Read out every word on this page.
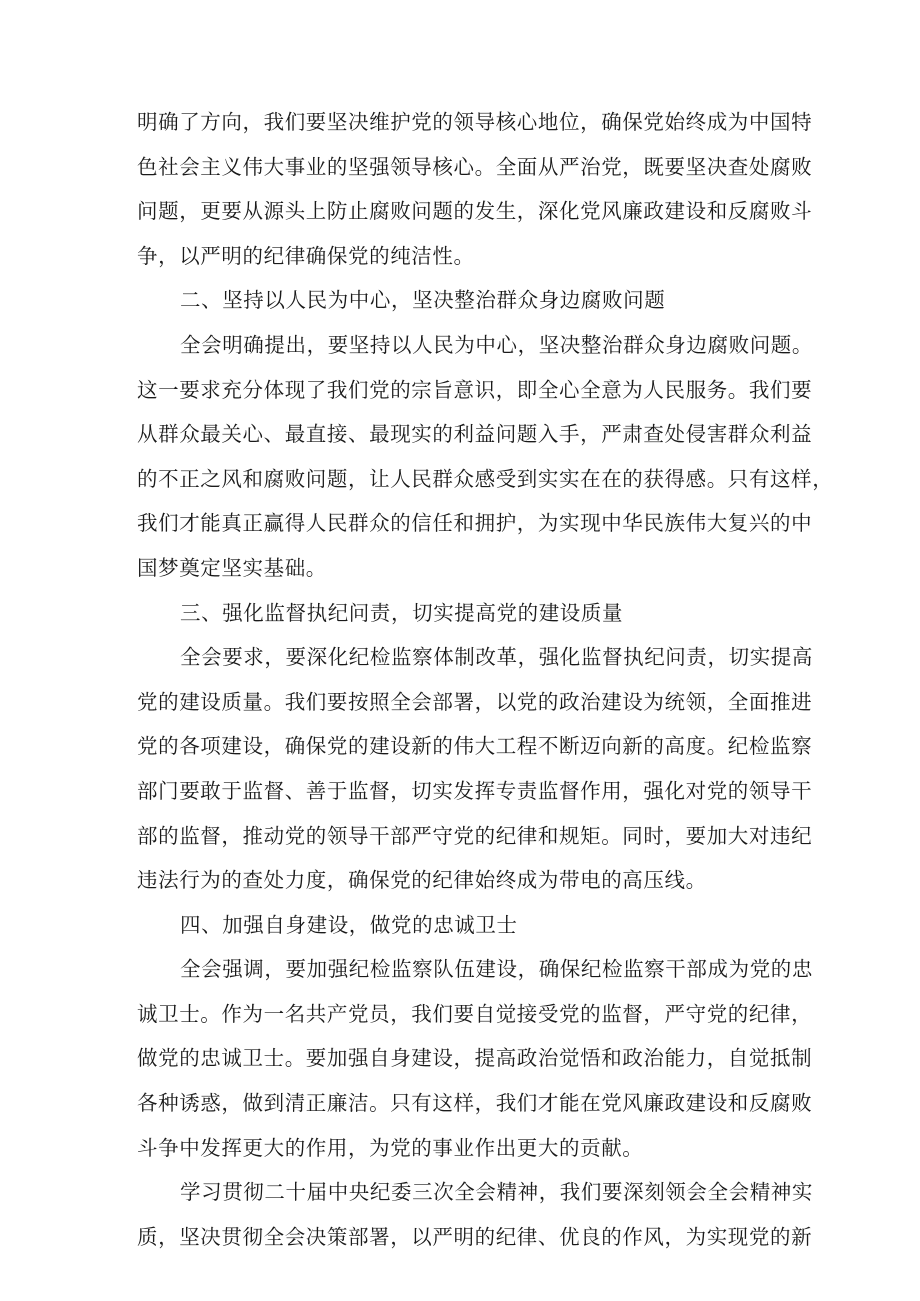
明确了方向，我们要坚决维护党的领导核心地位，确保党始终成为中国特
色社会主义伟大事业的坚强领导核心。全面从严治党，既要坚决查处腐败
问题，更要从源头上防止腐败问题的发生，深化党风廉政建设和反腐败斗
争，以严明的纪律确保党的纯洁性。
二、坚持以人民为中心，坚决整治群众身边腐败问题
全会明确提出，要坚持以人民为中心，坚决整治群众身边腐败问题。
这一要求充分体现了我们党的宗旨意识，即全心全意为人民服务。我们要
从群众最关心、最直接、最现实的利益问题入手，严肃查处侵害群众利益
的不正之风和腐败问题，让人民群众感受到实实在在的获得感。只有这样，
我们才能真正赢得人民群众的信任和拥护，为实现中华民族伟大复兴的中
国梦奠定坚实基础。
三、强化监督执纪问责，切实提高党的建设质量
全会要求，要深化纪检监察体制改革，强化监督执纪问责，切实提高
党的建设质量。我们要按照全会部署，以党的政治建设为统领，全面推进
党的各项建设，确保党的建设新的伟大工程不断迈向新的高度。纪检监察
部门要敢于监督、善于监督，切实发挥专责监督作用，强化对党的领导干
部的监督，推动党的领导干部严守党的纪律和规矩。同时，要加大对违纪
违法行为的查处力度，确保党的纪律始终成为带电的高压线。
四、加强自身建设，做党的忠诚卫士
全会强调，要加强纪检监察队伍建设，确保纪检监察干部成为党的忠
诚卫士。作为一名共产党员，我们要自觉接受党的监督，严守党的纪律，
做党的忠诚卫士。要加强自身建设，提高政治觉悟和政治能力，自觉抵制
各种诱惑，做到清正廉洁。只有这样，我们才能在党风廉政建设和反腐败
斗争中发挥更大的作用，为党的事业作出更大的贡献。
学习贯彻二十届中央纪委三次全会精神，我们要深刻领会全会精神实
质，坚决贯彻全会决策部署，以严明的纪律、优良的作风，为实现党的新
